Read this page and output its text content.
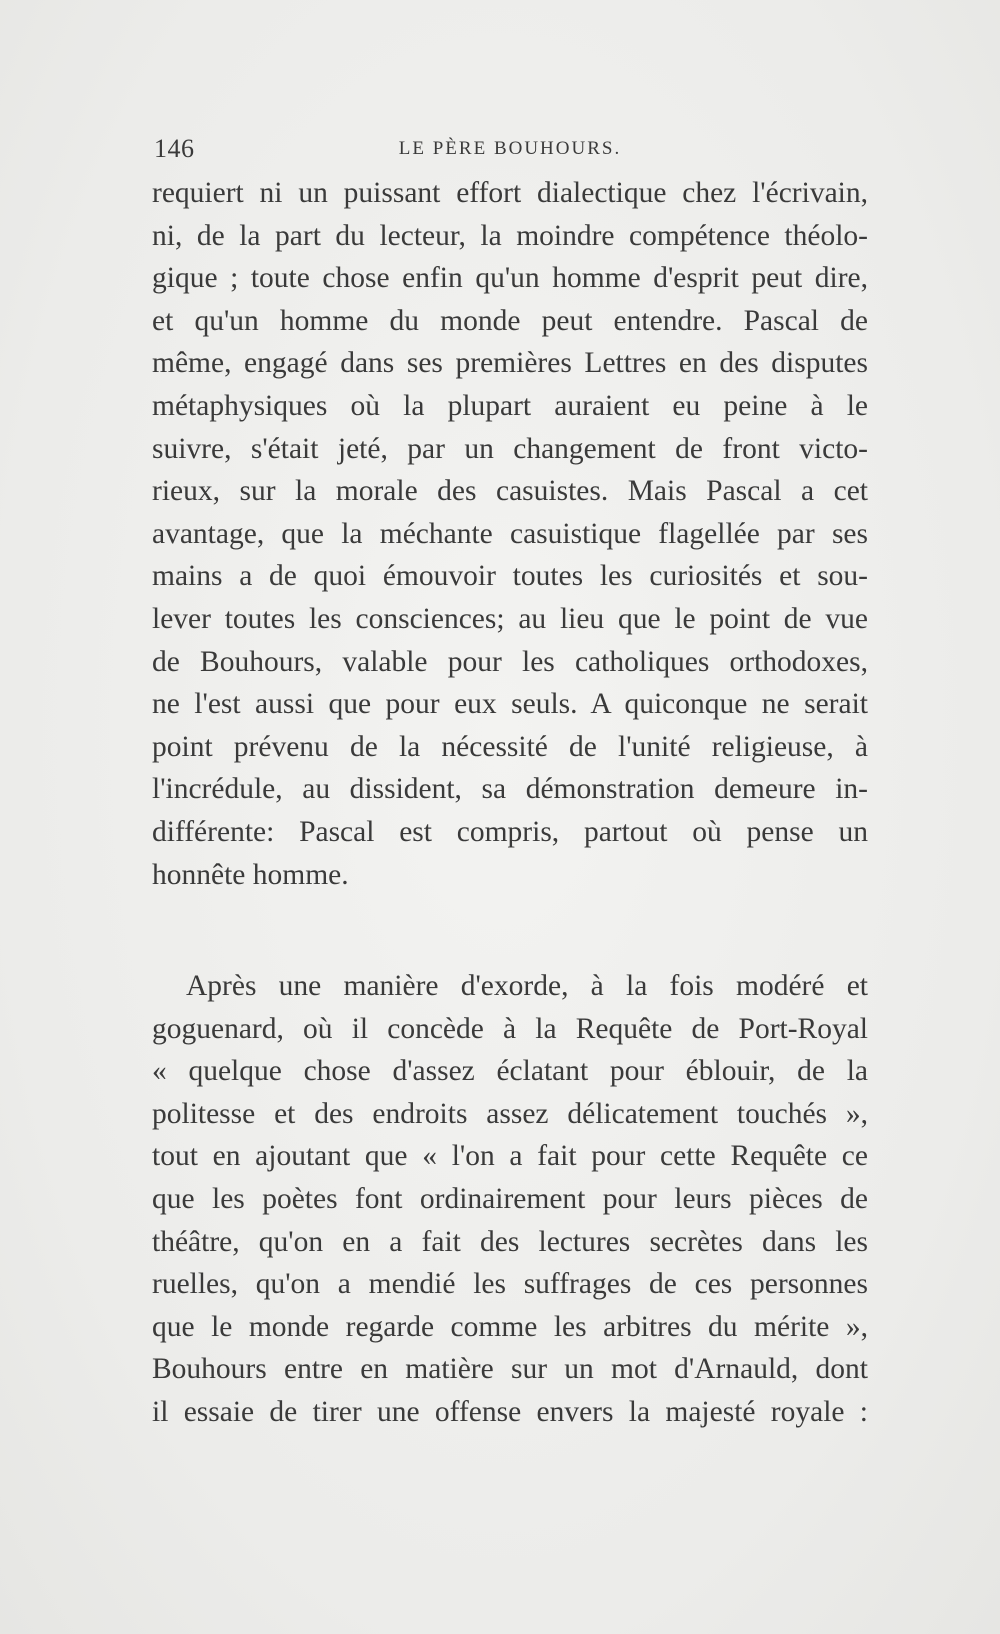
146	LE PÈRE BOUHOURS.
requiert ni un puissant effort dialectique chez l'écrivain,
ni, de la part du lecteur, la moindre compétence théolo-
gique ; toute chose enfin qu'un homme d'esprit peut dire,
et qu'un homme du monde peut entendre. Pascal de
même, engagé dans ses premières Lettres en des disputes
métaphysiques où la plupart auraient eu peine à le
suivre, s'était jeté, par un changement de front victo-
rieux, sur la morale des casuistes. Mais Pascal a cet
avantage, que la méchante casuistique flagellée par ses
mains a de quoi émouvoir toutes les curiosités et sou-
lever toutes les consciences; au lieu que le point de vue
de Bouhours, valable pour les catholiques orthodoxes,
ne l'est aussi que pour eux seuls. A quiconque ne serait
point prévenu de la nécessité de l'unité religieuse, à
l'incrédule, au dissident, sa démonstration demeure in-
différente: Pascal est compris, partout où pense un
honnête homme.
Après une manière d'exorde, à la fois modéré et
goguenard, où il concède à la Requête de Port-Royal
« quelque chose d'assez éclatant pour éblouir, de la
politesse et des endroits assez délicatement touchés »,
tout en ajoutant que « l'on a fait pour cette Requête ce
que les poètes font ordinairement pour leurs pièces de
théâtre, qu'on en a fait des lectures secrètes dans les
ruelles, qu'on a mendié les suffrages de ces personnes
que le monde regarde comme les arbitres du mérite »,
Bouhours entre en matière sur un mot d'Arnauld, dont
il essaie de tirer une offense envers la majesté royale :
